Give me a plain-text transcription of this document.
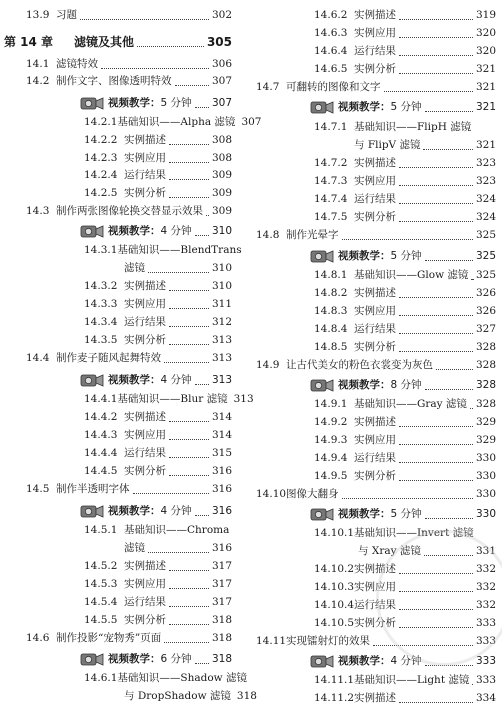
13.9 习题	302
第 14 章	滤镜及其他	305
14.1 滤镜特效	306
14.2 制作文字、图像透明特效	307
视频教学： 5 分钟 307
14.2.1 基础知识——Alpha 滤镜 307
14.2.2 实例描述	308
14.2.3 实例应用	308
14.2.4 运行结果	309
14.2.5 实例分析	309
14.3 制作两张图像轮换交替显示效果 309
视频教学： 4 分钟 310
14.3.1 基础知识——BlendTrans
滤镜	310
14.3.2 实例描述	310
14.3.3 实例应用	311
14.3.4 运行结果	312
14.3.5 实例分析	313
14.4 制作麦子随风起舞特效	313
视频教学： 4 分钟 313
14.4.1 基础知识——Blur 滤镜 313
14.4.2 实例描述	314
14.4.3 实例应用	314
14.4.4 运行结果	315
14.4.5 实例分析	316
14.5 制作半透明字体	316
视频教学： 4 分钟 316
14.5.1 基础知识——Chroma
滤镜	316
14.5.2 实例描述	317
14.5.3 实例应用	317
14.5.4 运行结果	317
14.5.5 实例分析	318
14.6 制作投影“宠物秀”页面	318
视频教学： 6 分钟 318
14.6.1 基础知识——Shadow 滤镜
与 DropShadow 滤镜 318
14.6.2 实例描述	319
14.6.3 实例应用	320
14.6.4 运行结果	320
14.6.5 实例分析	321
14.7 可翻转的图像和文字	321
视频教学： 5 分钟	321
14.7.1 基础知识——FlipH 滤镜
与 FlipV 滤镜	321
14.7.2 实例描述	323
14.7.3 实例应用	323
14.7.4 运行结果	324
14.7.5 实例分析	324
14.8 制作光晕字	325
视频教学： 5 分钟	325
14.8.1 基础知识——Glow 滤镜 325
14.8.2 实例描述	326
14.8.3 实例应用	326
14.8.4 运行结果	327
14.8.5 实例分析	328
14.9 让古代美女的粉色衣裳变为灰色	328
视频教学： 8 分钟	328
14.9.1 基础知识——Gray 滤镜 328
14.9.2 实例描述	329
14.9.3 实例应用	329
14.9.4 运行结果	330
14.9.5 实例分析	330
14.10 图像大翻身	330
视频教学： 5 分钟	330
14.10.1 基础知识——Invert 滤镜
与 Xray 滤镜	331
14.10.2 实例描述	332
14.10.3 实例应用	332
14.10.4 运行结果	332
14.10.5 实例分析	333
14.11 实现镭射灯的效果	333
视频教学： 4 分钟	333
14.11.1 基础知识——Light 滤镜 333
14.11.2 实例描述	334
